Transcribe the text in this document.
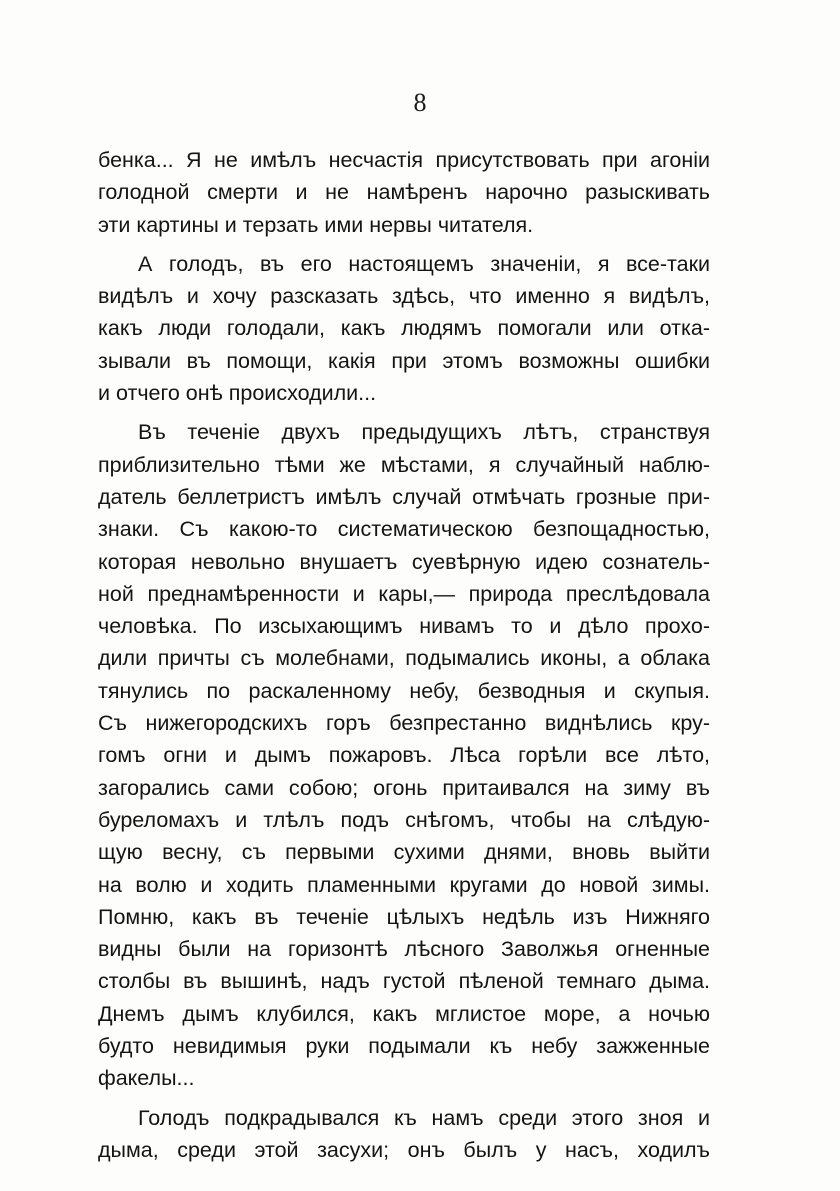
8
бенка... Я не имѣлъ несчастія присутствовать при агоніи
голодной смерти и не намѣренъ нарочно разыскивать
эти картины и терзать ими нервы читателя.
А голодъ, въ его настоящемъ значеніи, я все-таки
видѣлъ и хочу разсказать здѣсь, что именно я видѣлъ,
какъ люди голодали, какъ людямъ помогали или отка-
зывали въ помощи, какія при этомъ возможны ошибки
и отчего онѣ происходили...
Въ теченіе двухъ предыдущихъ лѣтъ, странствуя
приблизительно тѣми же мѣстами, я случайный наблю-
датель беллетристъ имѣлъ случай отмѣчать грозные при-
знаки. Съ какою-то систематическою безпощадностью,
которая невольно внушаетъ суевѣрную идею сознатель-
ной преднамѣренности и кары,— природа преслѣдовала
человѣка. По изсыхающимъ нивамъ то и дѣло прохо-
дили причты съ молебнами, подымались иконы, а облака
тянулись по раскаленному небу, безводныя и скупыя.
Съ нижегородскихъ горъ безпрестанно виднѣлись кру-
гомъ огни и дымъ пожаровъ. Лѣса горѣли все лѣто,
загорались сами собою; огонь притаивался на зиму въ
буреломахъ и тлѣлъ подъ снѣгомъ, чтобы на слѣдую-
щую весну, съ первыми сухими днями, вновь выйти
на волю и ходить пламенными кругами до новой зимы.
Помню, какъ въ теченіе цѣлыхъ недѣль изъ Нижняго
видны были на горизонтѣ лѣсного Заволжья огненные
столбы въ вышинѣ, надъ густой пѣленой темнаго дыма.
Днемъ дымъ клубился, какъ мглистое море, а ночью
будто невидимыя руки подымали къ небу зажженные
факелы...
Голодъ подкрадывался къ намъ среди этого зноя и
дыма, среди этой засухи; онъ былъ у насъ, ходилъ
